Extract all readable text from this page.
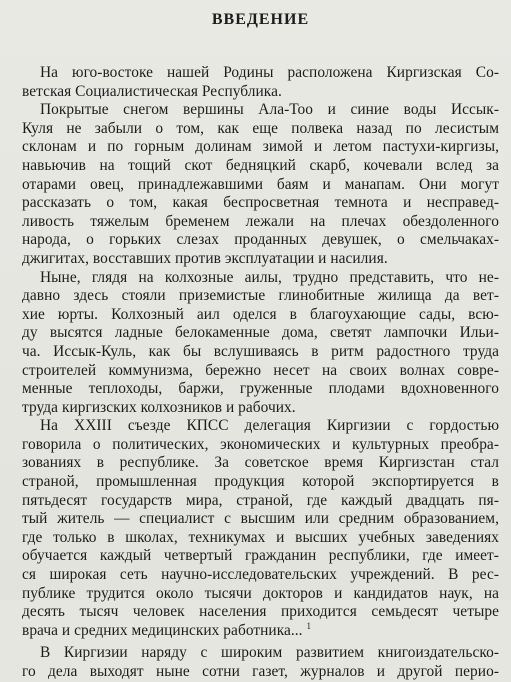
ВВЕДЕНИЕ
На юго-востоке нашей Родины расположена Киргизская Со-
ветская Социалистическая Республика.
Покрытые снегом вершины Ала-Тоо и синие воды Иссык-
Куля не забыли о том, как еще полвека назад по лесистым
склонам и по горным долинам зимой и летом пастухи-киргизы,
навьючив на тощий скот бедняцкий скарб, кочевали вслед за
отарами овец, принадлежавшими баям и манапам. Они могут
рассказать о том, какая беспросветная темнота и несправед-
ливость тяжелым бременем лежали на плечах обездоленного
народа, о горьких слезах проданных девушек, о смельчаках-
джигитах, восставших против эксплуатации и насилия.
Ныне, глядя на колхозные аилы, трудно представить, что не-
давно здесь стояли приземистые глинобитные жилища да вет-
хие юрты. Колхозный аил оделся в благоухающие сады, всю-
ду высятся ладные белокаменные дома, светят лампочки Ильи-
ча. Иссык-Куль, как бы вслушиваясь в ритм радостного труда
строителей коммунизма, бережно несет на своих волнах совре-
менные теплоходы, баржи, груженные плодами вдохновенного
труда киргизских колхозников и рабочих.
На XXIII съезде КПСС делегация Киргизии с гордостью
говорила о политических, экономических и культурных преобра-
зованиях в республике. За советское время Киргизстан стал
страной, промышленная продукция которой экспортируется в
пятьдесят государств мира, страной, где каждый двадцать пя-
тый житель — специалист с высшим или средним образованием,
где только в школах, техникумах и высших учебных заведениях
обучается каждый четвертый гражданин республики, где имеет-
ся широкая сеть научно-исследовательских учреждений. В рес-
публике трудится около тысячи докторов и кандидатов наук, на
десять тысяч человек населения приходится семьдесят четыре
врача и средних медицинских работника... $^1$
В Киргизии наряду с широким развитием книгоиздательско-
го дела выходят ныне сотни газет, журналов и другой перио-
